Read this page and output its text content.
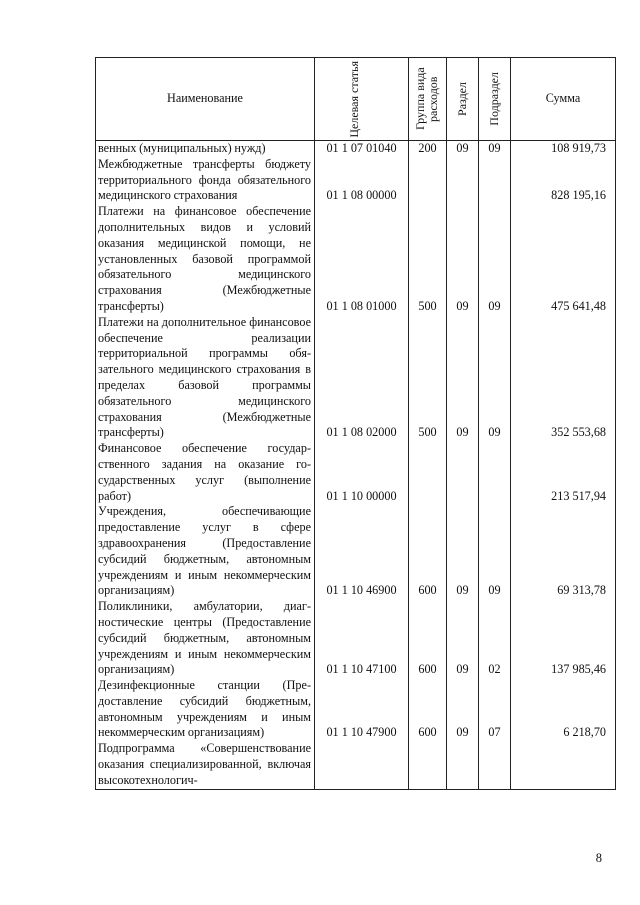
Наименование	Целевая статья	Группа вида расходов	Раздел	Подраздел	Сумма
венных (муниципальных) нужд)	01 1 07 01040	200	09	09	108 919,73
Межбюджетные трансферты бюджету территориального фонда обязательного медицинского страхования	01 1 08 00000				828 195,16
Платежи на финансовое обеспечение дополнительных видов и условий оказания медицинской помощи, не установленных базовой программой обязательного медицинского страхования (Межбюджетные трансферты)	01 1 08 01000	500	09	09	475 641,48
Платежи на дополнительное финансовое обеспечение реализации территориальной программы обязательного медицинского страхования в пределах базовой программы обязательного медицинского страхования (Межбюджетные трансферты)	01 1 08 02000	500	09	09	352 553,68
Финансовое обеспечение государственного задания на оказание государственных услуг (выполнение работ)	01 1 10 00000				213 517,94
Учреждения, обеспечивающие предоставление услуг в сфере здравоохранения (Предоставление субсидий бюджетным, автономным учреждениям и иным некоммерческим организациям)	01 1 10 46900	600	09	09	69 313,78
Поликлиники, амбулатории, диагностические центры (Предоставление субсидий бюджетным, автономным учреждениям и иным некоммерческим организациям)	01 1 10 47100	600	09	02	137 985,46
Дезинфекционные станции (Предоставление субсидий бюджетным, автономным учреждениям и иным некоммерческим организациям)	01 1 10 47900	600	09	07	6 218,70
Подпрограмма «Совершенствование оказания специализированной, включая высокотехнологич-					
8
